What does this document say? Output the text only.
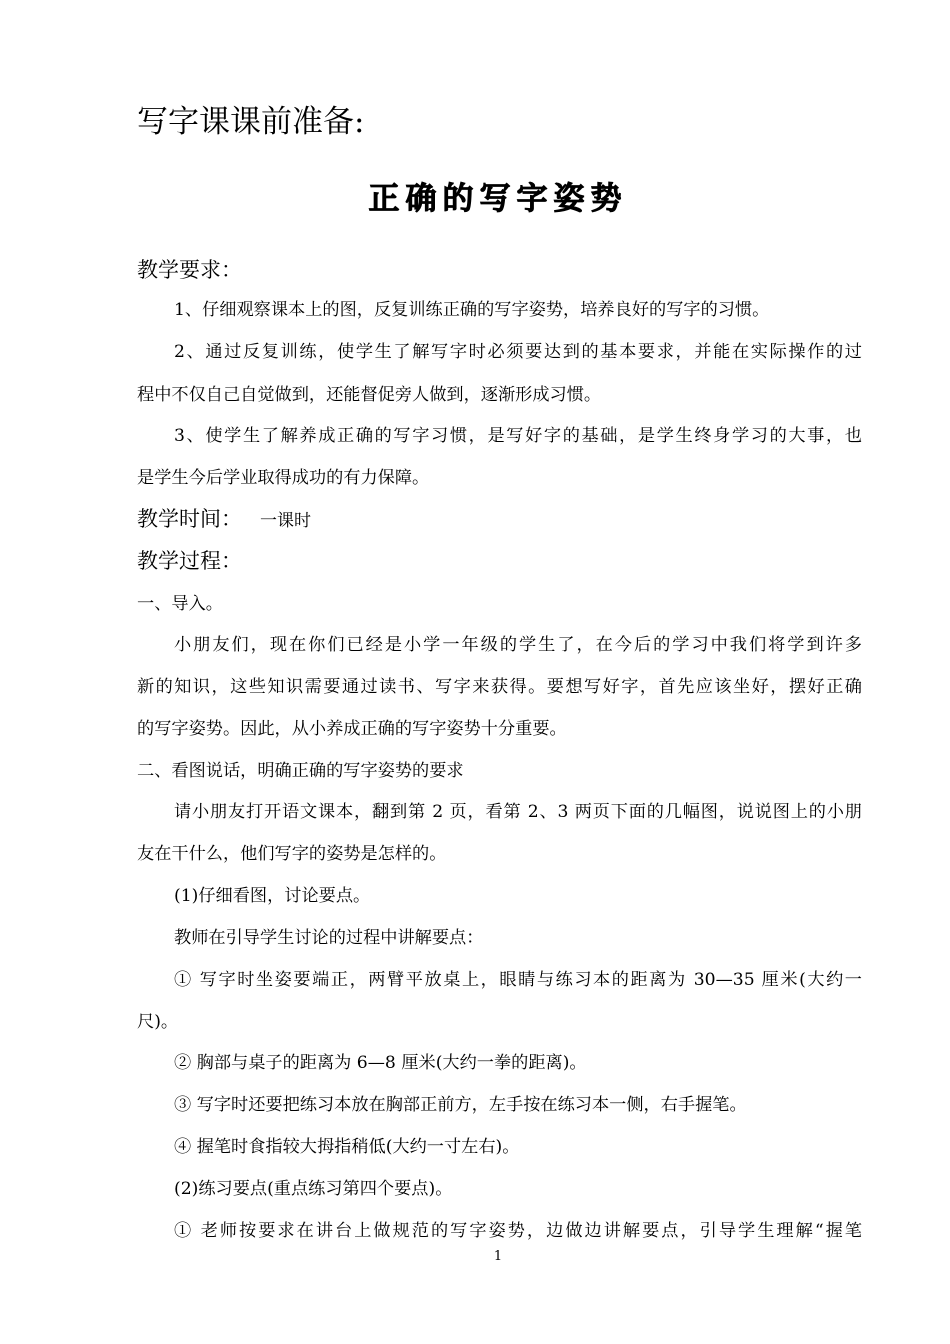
写字课课前准备:
正确的写字姿势
教学要求：
1、仔细观察课本上的图，反复训练正确的写字姿势，培养良好的写字的习惯。
2、通过反复训练，使学生了解写字时必须要达到的基本要求，并能在实际操作的过
程中不仅自己自觉做到，还能督促旁人做到，逐渐形成习惯。
3、使学生了解养成正确的写字习惯，是写好字的基础，是学生终身学习的大事，也
是学生今后学业取得成功的有力保障。
教学时间： 一课时
教学过程：
一、导入。
小朋友们，现在你们已经是小学一年级的学生了，在今后的学习中我们将学到许多
新的知识，这些知识需要通过读书、写字来获得。要想写好字，首先应该坐好，摆好正确
的写字姿势。因此，从小养成正确的写字姿势十分重要。
二、看图说话，明确正确的写字姿势的要求
请小朋友打开语文课本，翻到第 2 页，看第 2、3 两页下面的几幅图，说说图上的小朋
友在干什么，他们写字的姿势是怎样的。
(1)仔细看图，讨论要点。
教师在引导学生讨论的过程中讲解要点：
① 写字时坐姿要端正，两臂平放桌上，眼睛与练习本的距离为 30—35 厘米(大约一
尺)。
② 胸部与桌子的距离为 6—8 厘米(大约一拳的距离)。
③ 写字时还要把练习本放在胸部正前方，左手按在练习本一侧，右手握笔。
④ 握笔时食指较大拇指稍低(大约一寸左右)。
(2)练习要点(重点练习第四个要点)。
① 老师按要求在讲台上做规范的写字姿势，边做边讲解要点，引导学生理解“握笔
1
